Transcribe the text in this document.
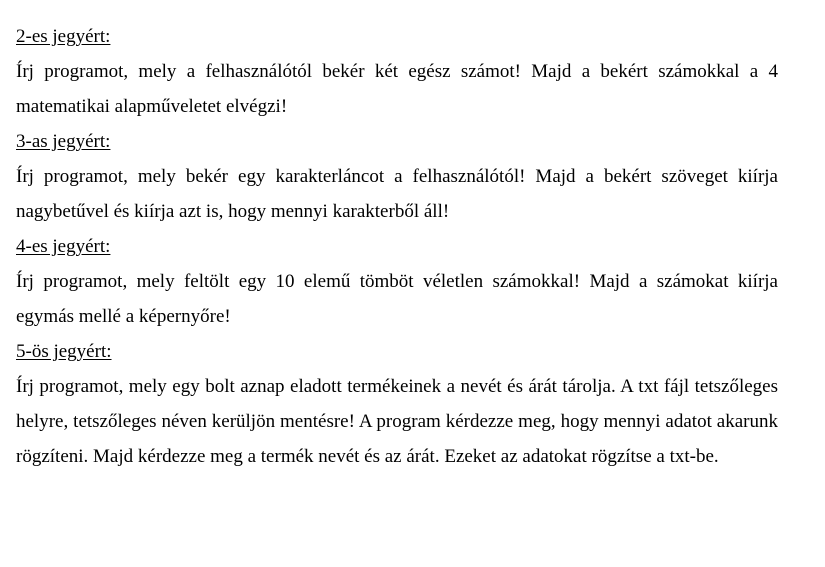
2-es jegyért:

Írj programot, mely a felhasználótól bekér két egész számot! Majd a bekért számokkal a 4 matematikai alapműveletet elvégzi!

3-as jegyért:

Írj programot, mely bekér egy karakterláncot a felhasználótól! Majd a bekért szöveget kiírja nagybetűvel és kiírja azt is, hogy mennyi karakterből áll!

4-es jegyért:

Írj programot, mely feltölt egy 10 elemű tömböt véletlen számokkal! Majd a számokat kiírja egymás mellé a képernyőre!

5-ös jegyért:

Írj programot, mely egy bolt aznap eladott termékeinek a nevét és árát tárolja. A txt fájl tetszőleges helyre, tetszőleges néven kerüljön mentésre! A program kérdezze meg, hogy mennyi adatot akarunk rögzíteni. Majd kérdezze meg a termék nevét és az árát. Ezeket az adatokat rögzítse a txt-be.
